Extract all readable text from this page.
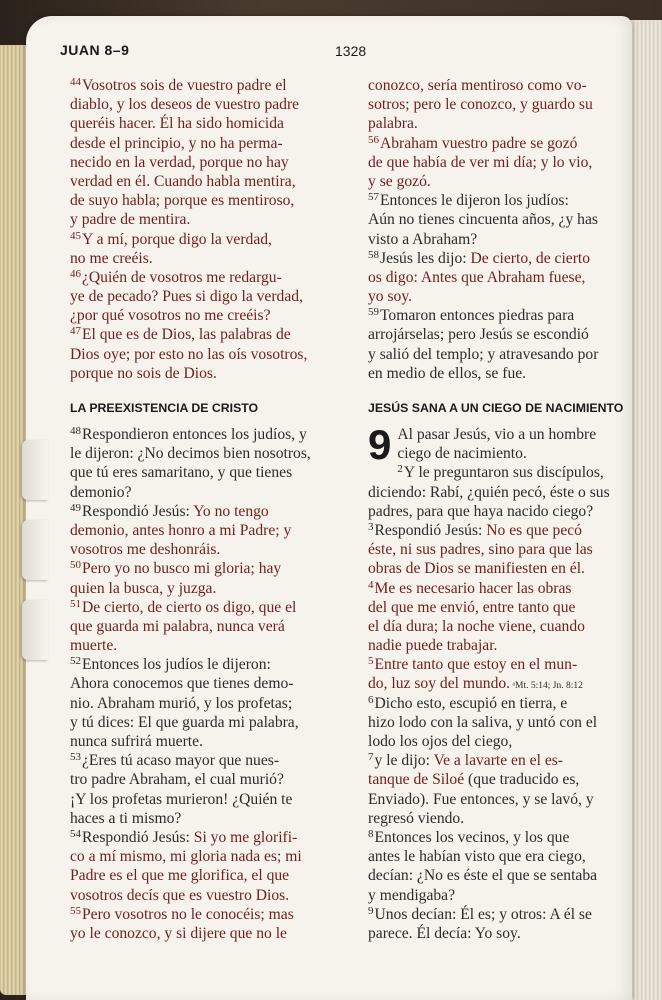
JUAN 8–9	1328
$^{44}$Vosotros sois de vuestro padre el
diablo, y los deseos de vuestro padre
queréis hacer. Él ha sido homicida
desde el principio, y no ha perma-
necido en la verdad, porque no hay
verdad en él. Cuando habla mentira,
de suyo habla; porque es mentiroso,
y padre de mentira.
$^{45}$Y a mí, porque digo la verdad,
no me creéis.
$^{46}$¿Quién de vosotros me redargu-
ye de pecado? Pues si digo la verdad,
¿por qué vosotros no me creéis?
$^{47}$El que es de Dios, las palabras de
Dios oye; por esto no las oís vosotros,
porque no sois de Dios.
LA PREEXISTENCIA DE CRISTO
$^{48}$Respondieron entonces los judíos, y
le dijeron: ¿No decimos bien nosotros,
que tú eres samaritano, y que tienes
demonio?
$^{49}$Respondió Jesús: Yo no tengo
demonio, antes honro a mi Padre; y
vosotros me deshonráis.
$^{50}$Pero yo no busco mi gloria; hay
quien la busca, y juzga.
$^{51}$De cierto, de cierto os digo, que el
que guarda mi palabra, nunca verá
muerte.
$^{52}$Entonces los judíos le dijeron:
Ahora conocemos que tienes demo-
nio. Abraham murió, y los profetas;
y tú dices: El que guarda mi palabra,
nunca sufrirá muerte.
$^{53}$¿Eres tú acaso mayor que nues-
tro padre Abraham, el cual murió?
¡Y los profetas murieron! ¿Quién te
haces a ti mismo?
$^{54}$Respondió Jesús: Si yo me glorifi-
co a mí mismo, mi gloria nada es; mi
Padre es el que me glorifica, el que
vosotros decís que es vuestro Dios.
$^{55}$Pero vosotros no le conocéis; mas
yo le conozco, y si dijere que no le
conozco, sería mentiroso como vo-
sotros; pero le conozco, y guardo su
palabra.
$^{56}$Abraham vuestro padre se gozó
de que había de ver mi día; y lo vio,
y se gozó.
$^{57}$Entonces le dijeron los judíos:
Aún no tienes cincuenta años, ¿y has
visto a Abraham?
$^{58}$Jesús les dijo: De cierto, de cierto
os digo: Antes que Abraham fuese,
yo soy.
$^{59}$Tomaron entonces piedras para
arrojárselas; pero Jesús se escondió
y salió del templo; y atravesando por
en medio de ellos, se fue.
JESÚS SANA A UN CIEGO DE NACIMIENTO
9 Al pasar Jesús, vio a un hombre
ciego de nacimiento.
$^2$Y le preguntaron sus discípulos,
diciendo: Rabí, ¿quién pecó, éste o sus
padres, para que haya nacido ciego?
$^3$Respondió Jesús: No es que pecó
éste, ni sus padres, sino para que las
obras de Dios se manifiesten en él.
$^4$Me es necesario hacer las obras
del que me envió, entre tanto que
el día dura; la noche viene, cuando
nadie puede trabajar.
$^5$Entre tanto que estoy en el mun-
do, luz soy del mundo. ᵃMt. 5:14; Jn. 8:12
$^6$Dicho esto, escupió en tierra, e
hizo lodo con la saliva, y untó con el
lodo los ojos del ciego,
$^7$y le dijo: Ve a lavarte en el es-
tanque de Siloé (que traducido es,
Enviado). Fue entonces, y se lavó, y
regresó viendo.
$^8$Entonces los vecinos, y los que
antes le habían visto que era ciego,
decían: ¿No es éste el que se sentaba
y mendigaba?
$^9$Unos decían: Él es; y otros: A él se
parece. Él decía: Yo soy.
